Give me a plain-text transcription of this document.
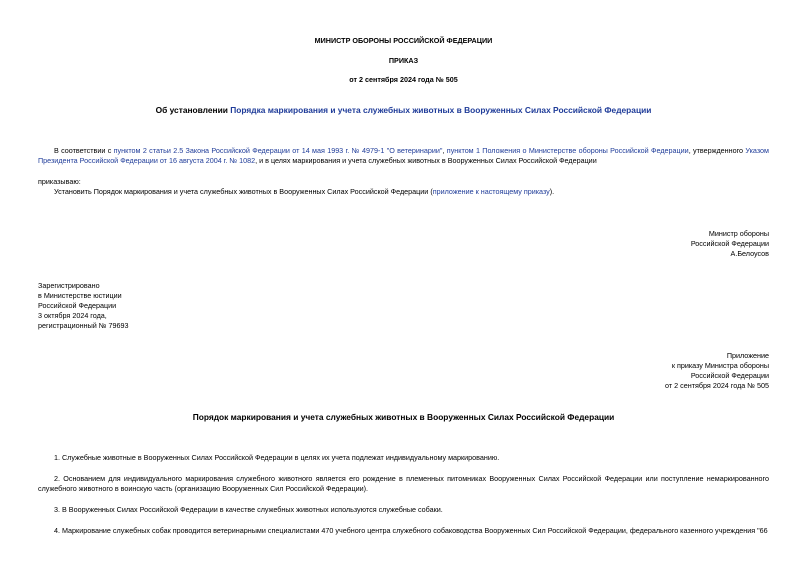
МИНИСТР ОБОРОНЫ РОССИЙСКОЙ ФЕДЕРАЦИИ
ПРИКАЗ
от 2 сентября 2024 года № 505
Об установлении Порядка маркирования и учета служебных животных в Вооруженных Силах Российской Федерации
В соответствии с пунктом 2 статьи 2.5 Закона Российской Федерации от 14 мая 1993 г. № 4979-1 "О ветеринарии", пунктом 1 Положения о Министерстве обороны Российской Федерации, утвержденного Указом Президента Российской Федерации от 16 августа 2004 г. № 1082, и в целях маркирования и учета служебных животных в Вооруженных Силах Российской Федерации
приказываю:
Установить Порядок маркирования и учета служебных животных в Вооруженных Силах Российской Федерации (приложение к настоящему приказу).
Министр обороны
Российской Федерации
А.Белоусов
Зарегистрировано
в Министерстве юстиции
Российской Федерации
3 октября 2024 года,
регистрационный № 79693
Приложение
к приказу Министра обороны
Российской Федерации
от 2 сентября 2024 года № 505
Порядок маркирования и учета служебных животных в Вооруженных Силах Российской Федерации
1. Служебные животные в Вооруженных Силах Российской Федерации в целях их учета подлежат индивидуальному маркированию.
2. Основанием для индивидуального маркирования служебного животного является его рождение в племенных питомниках Вооруженных Силах Российской Федерации или поступление немаркированного служебного животного в воинскую часть (организацию Вооруженных Сил Российской Федерации).
3. В Вооруженных Силах Российской Федерации в качестве служебных животных используются служебные собаки.
4. Маркирование служебных собак проводится ветеринарными специалистами 470 учебного центра служебного собаководства Вооруженных Сил Российской Федерации, федерального казенного учреждения "66
